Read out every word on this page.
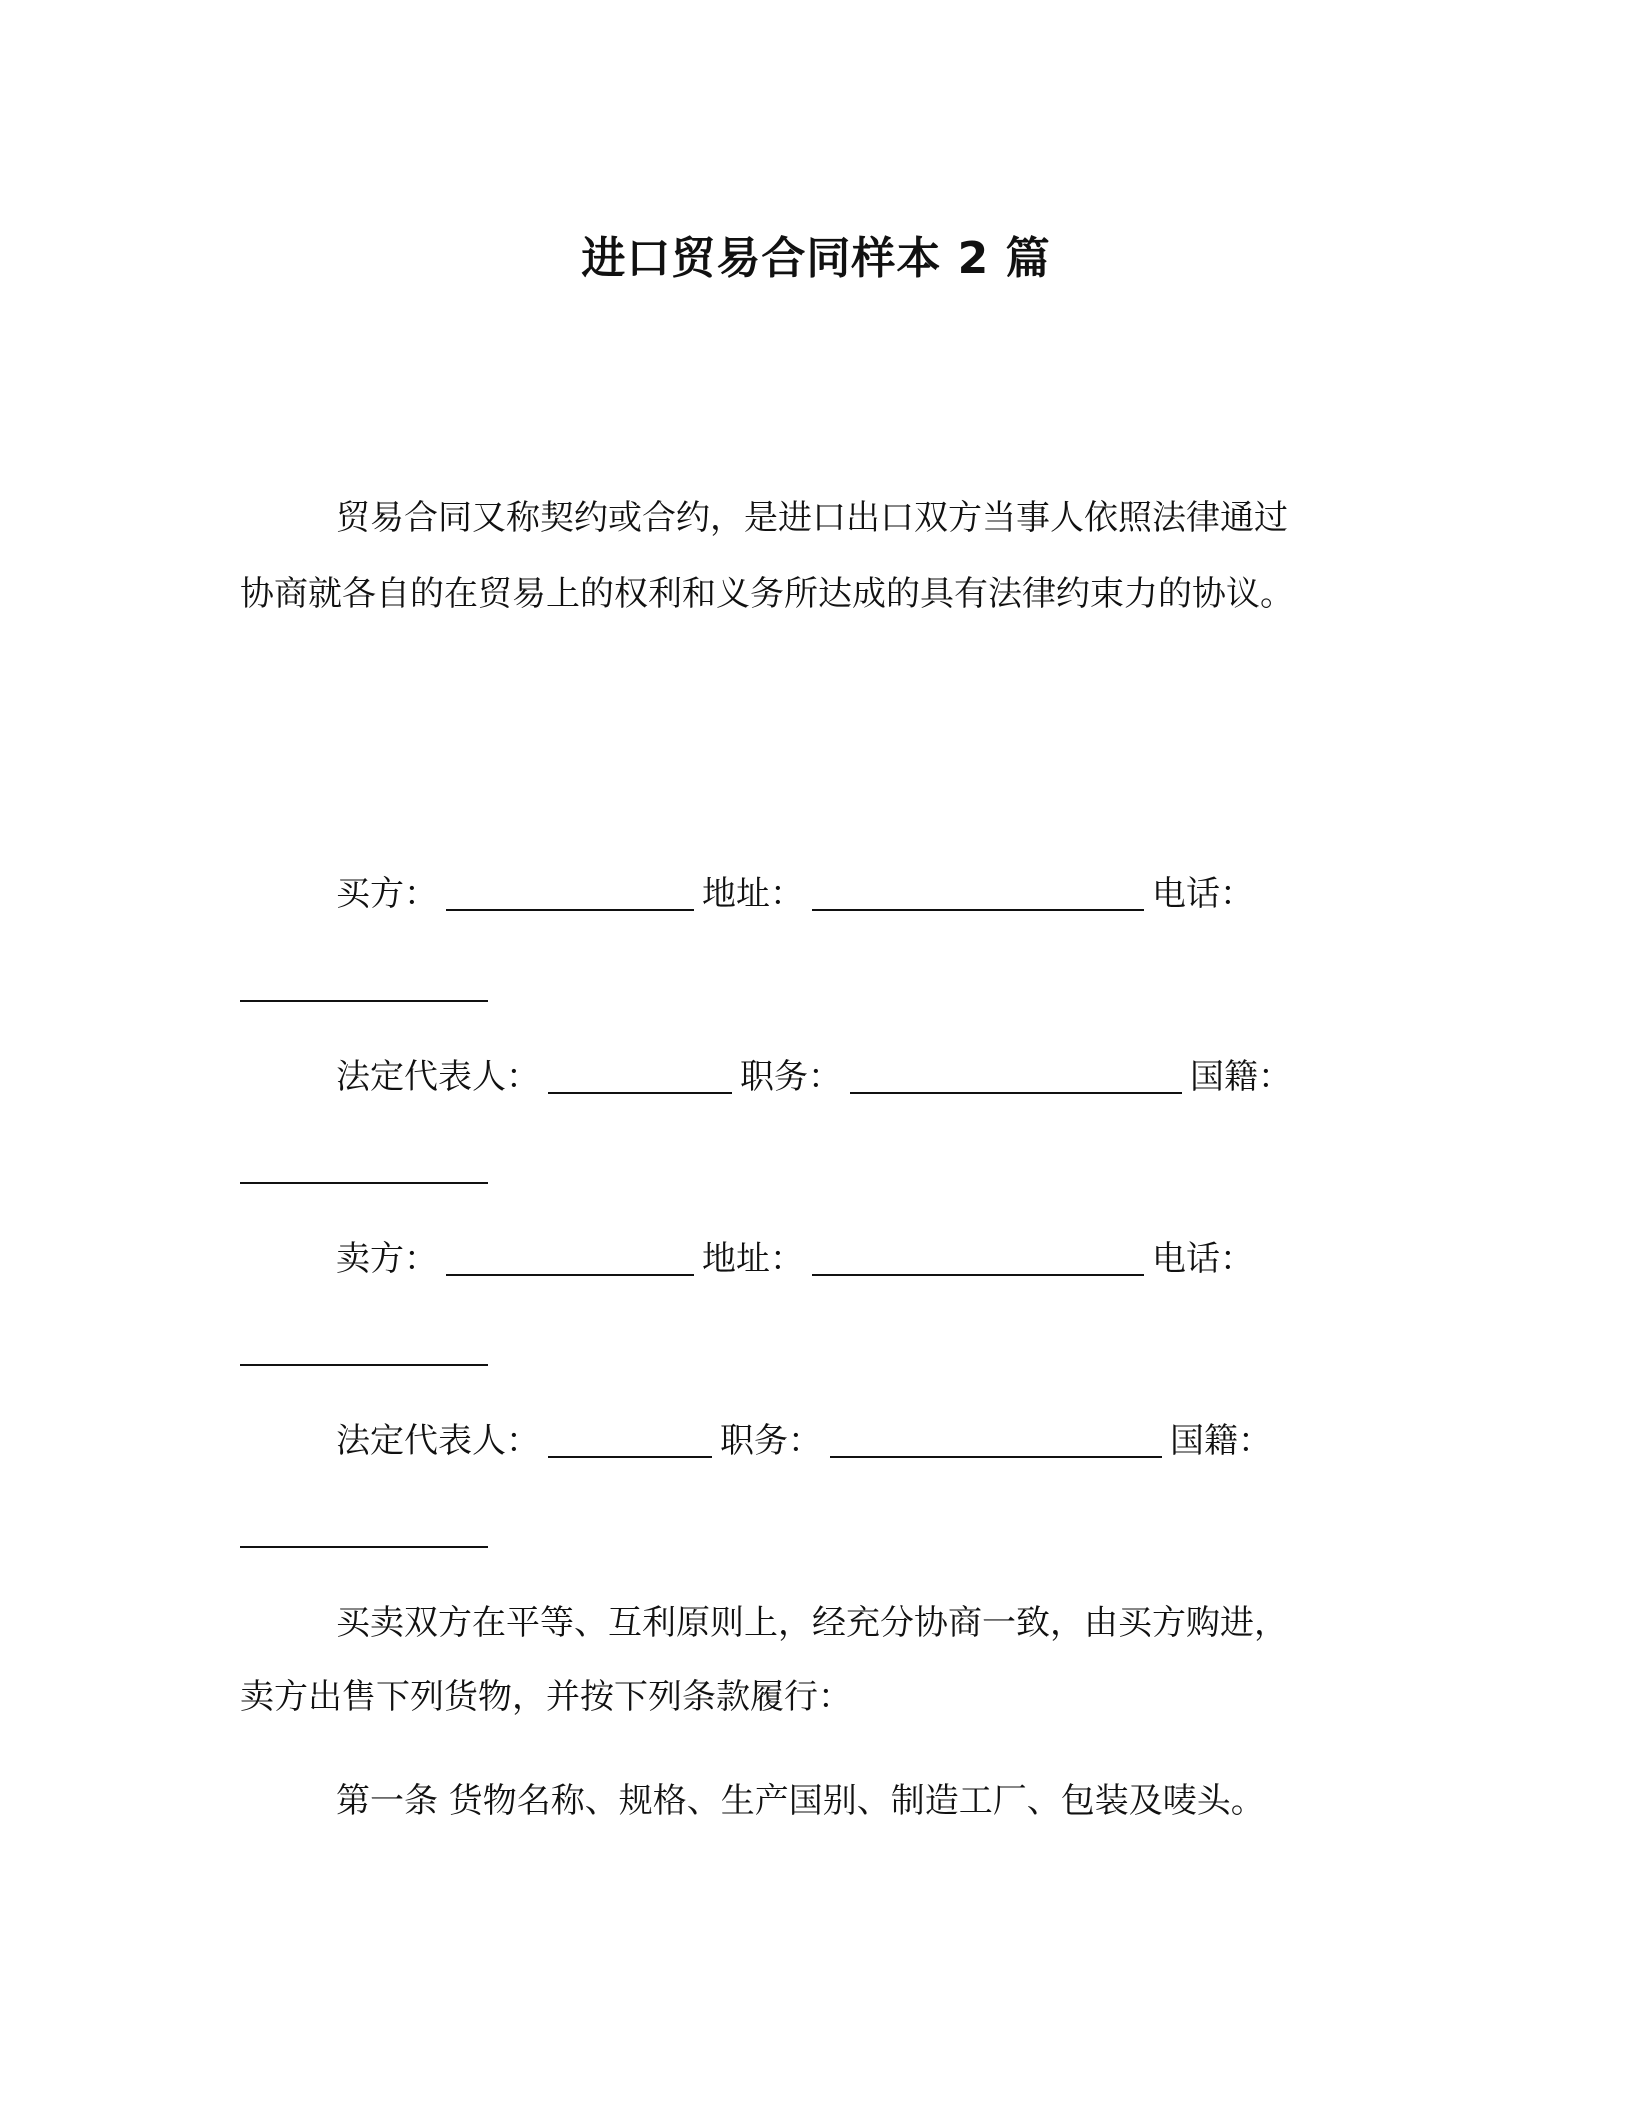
进口贸易合同样本 2 篇
贸易合同又称契约或合约，是进口出口双方当事人依照法律通过
协商就各自的在贸易上的权利和义务所达成的具有法律约束力的协议。
买方：	地址：	电话：
法定代表人：	职务：	国籍：
卖方：	地址：	电话：
法定代表人：	职务：	国籍：
买卖双方在平等、互利原则上，经充分协商一致，由买方购进，
卖方出售下列货物，并按下列条款履行：
第一条 货物名称、规格、生产国别、制造工厂、包装及唛头。
